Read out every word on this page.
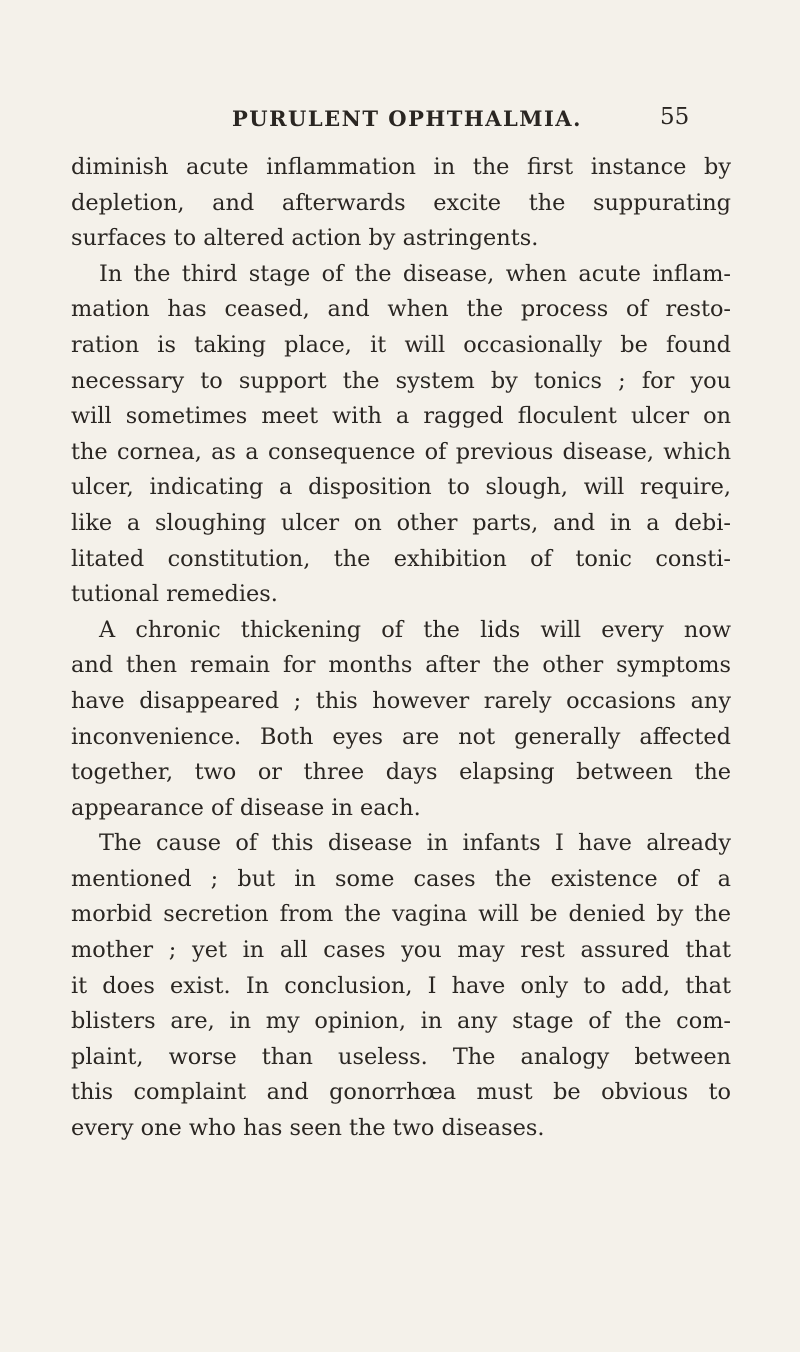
PURULENT OPHTHALMIA.	55
diminish acute inflammation in the first instance by
depletion, and afterwards excite the suppurating
surfaces to altered action by astringents.
In the third stage of the disease, when acute inflam-
mation has ceased, and when the process of resto-
ration is taking place, it will occasionally be found
necessary to support the system by tonics ; for you
will sometimes meet with a ragged floculent ulcer on
the cornea, as a consequence of previous disease, which
ulcer, indicating a disposition to slough, will require,
like a sloughing ulcer on other parts, and in a debi-
litated constitution, the exhibition of tonic consti-
tutional remedies.
A chronic thickening of the lids will every now
and then remain for months after the other symptoms
have disappeared ; this however rarely occasions any
inconvenience. Both eyes are not generally affected
together, two or three days elapsing between the
appearance of disease in each.
The cause of this disease in infants I have already
mentioned ; but in some cases the existence of a
morbid secretion from the vagina will be denied by the
mother ; yet in all cases you may rest assured that
it does exist. In conclusion, I have only to add, that
blisters are, in my opinion, in any stage of the com-
plaint, worse than useless. The analogy between
this complaint and gonorrhœa must be obvious to
every one who has seen the two diseases.
